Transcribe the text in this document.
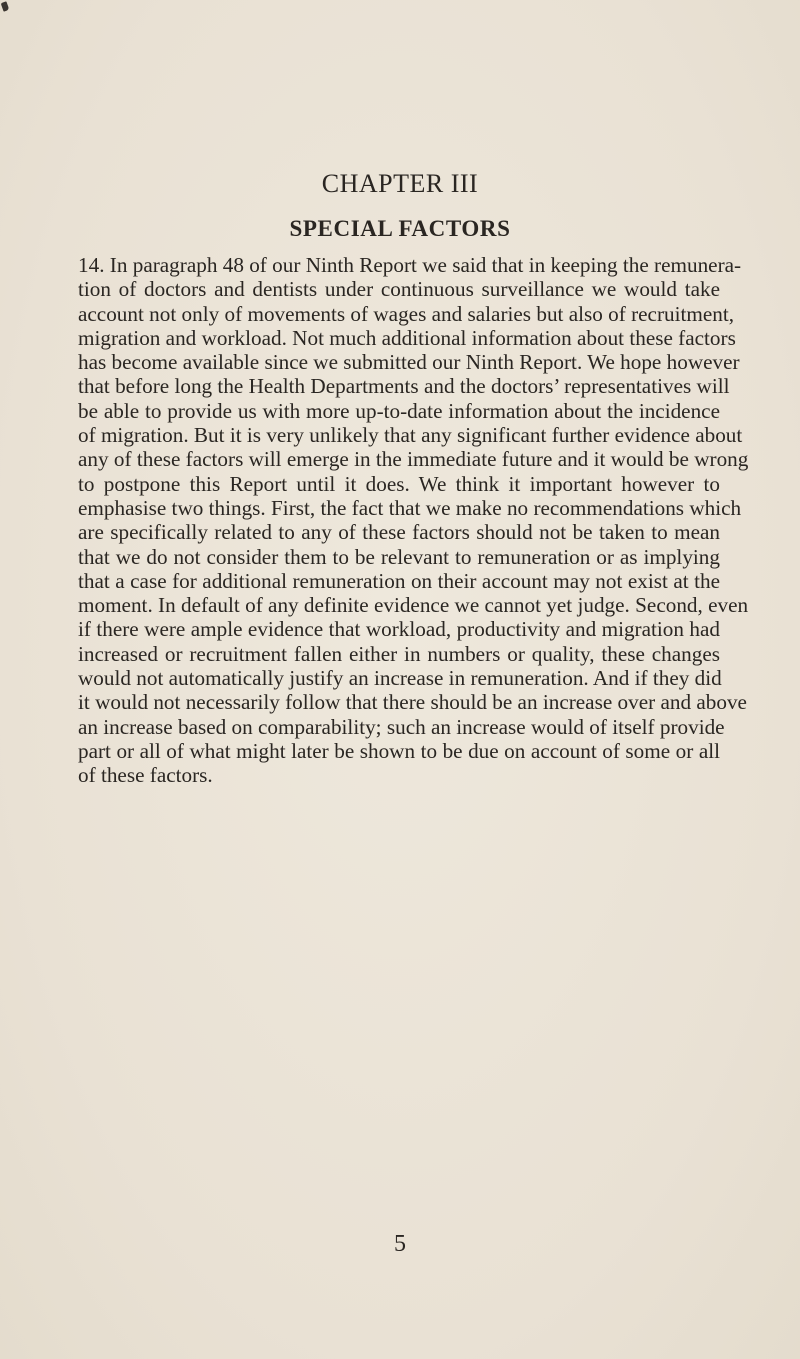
CHAPTER III
SPECIAL FACTORS
14. In paragraph 48 of our Ninth Report we said that in keeping the remunera-
tion of doctors and dentists under continuous surveillance we would take
account not only of movements of wages and salaries but also of recruitment,
migration and workload. Not much additional information about these factors
has become available since we submitted our Ninth Report. We hope however
that before long the Health Departments and the doctors’ representatives will
be able to provide us with more up-to-date information about the incidence
of migration. But it is very unlikely that any significant further evidence about
any of these factors will emerge in the immediate future and it would be wrong
to postpone this Report until it does. We think it important however to
emphasise two things. First, the fact that we make no recommendations which
are specifically related to any of these factors should not be taken to mean
that we do not consider them to be relevant to remuneration or as implying
that a case for additional remuneration on their account may not exist at the
moment. In default of any definite evidence we cannot yet judge. Second, even
if there were ample evidence that workload, productivity and migration had
increased or recruitment fallen either in numbers or quality, these changes
would not automatically justify an increase in remuneration. And if they did
it would not necessarily follow that there should be an increase over and above
an increase based on comparability; such an increase would of itself provide
part or all of what might later be shown to be due on account of some or all
of these factors.
5
